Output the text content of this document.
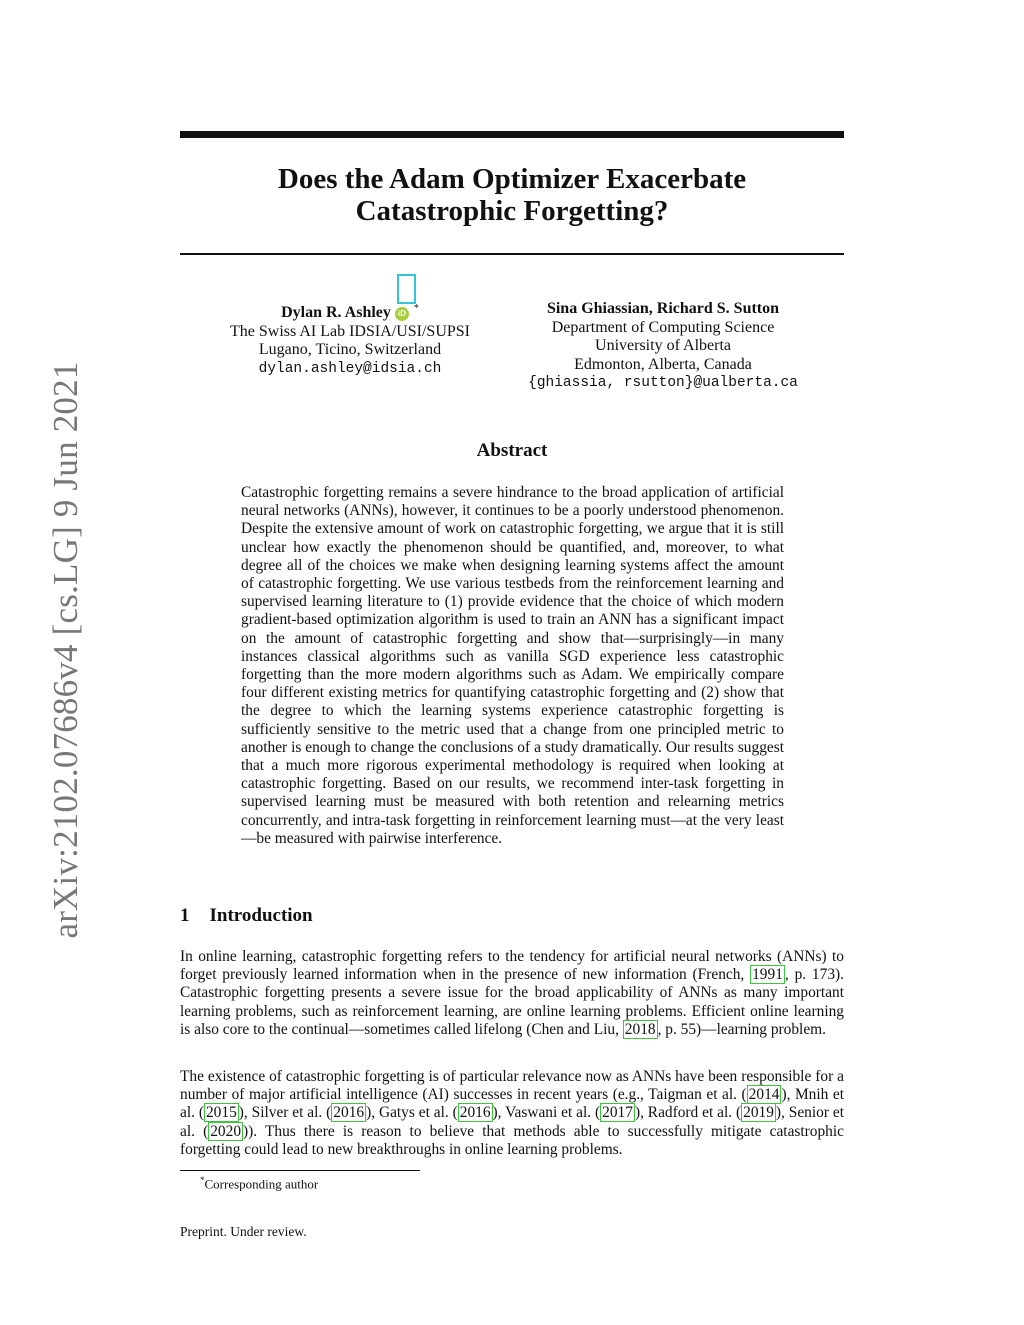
arXiv:2102.07686v4 [cs.LG] 9 Jun 2021
Does the Adam Optimizer Exacerbate
Catastrophic Forgetting?
Dylan R. Ashley iD *
The Swiss AI Lab IDSIA/USI/SUPSI
Lugano, Ticino, Switzerland
dylan.ashley@idsia.ch
Sina Ghiassian, Richard S. Sutton
Department of Computing Science
University of Alberta
Edmonton, Alberta, Canada
{ghiassia, rsutton}@ualberta.ca
Abstract
Catastrophic forgetting remains a severe hindrance to the broad application of artificial neural networks (ANNs), however, it continues to be a poorly understood phenomenon. Despite the extensive amount of work on catastrophic forgetting, we argue that it is still unclear how exactly the phenomenon should be quantified, and, moreover, to what degree all of the choices we make when designing learning systems affect the amount of catastrophic forgetting. We use various testbeds from the reinforcement learning and supervised learning literature to (1) provide evidence that the choice of which modern gradient-based optimization algorithm is used to train an ANN has a significant impact on the amount of catastrophic forgetting and show that—surprisingly—in many instances classical algorithms such as vanilla SGD experience less catastrophic forgetting than the more modern algorithms such as Adam. We empirically compare four different existing metrics for quantifying catastrophic forgetting and (2) show that the degree to which the learning systems experience catastrophic forgetting is sufficiently sensitive to the metric used that a change from one principled metric to another is enough to change the conclusions of a study dramatically. Our results suggest that a much more rigorous experimental methodology is required when looking at catastrophic forgetting. Based on our results, we recommend inter-task forgetting in supervised learning must be measured with both retention and relearning metrics concurrently, and intra-task forgetting in reinforcement learning must—at the very least—be measured with pairwise interference.
1 Introduction
In online learning, catastrophic forgetting refers to the tendency for artificial neural networks (ANNs) to forget previously learned information when in the presence of new information (French, 1991 , p. 173). Catastrophic forgetting presents a severe issue for the broad applicability of ANNs as many important learning problems, such as reinforcement learning, are online learning problems. Efficient online learning is also core to the continual—sometimes called lifelong (Chen and Liu, 2018 , p. 55)—learning problem.
The existence of catastrophic forgetting is of particular relevance now as ANNs have been responsible for a number of major artificial intelligence (AI) successes in recent years (e.g., Taigman et al. ( 2014 ), Mnih et al. ( 2015 ), Silver et al. ( 2016 ), Gatys et al. ( 2016 ), Vaswani et al. ( 2017 ), Radford et al. ( 2019 ), Senior et al. ( 2020 )). Thus there is reason to believe that methods able to successfully mitigate catastrophic forgetting could lead to new breakthroughs in online learning problems.
*Corresponding author
Preprint. Under review.
